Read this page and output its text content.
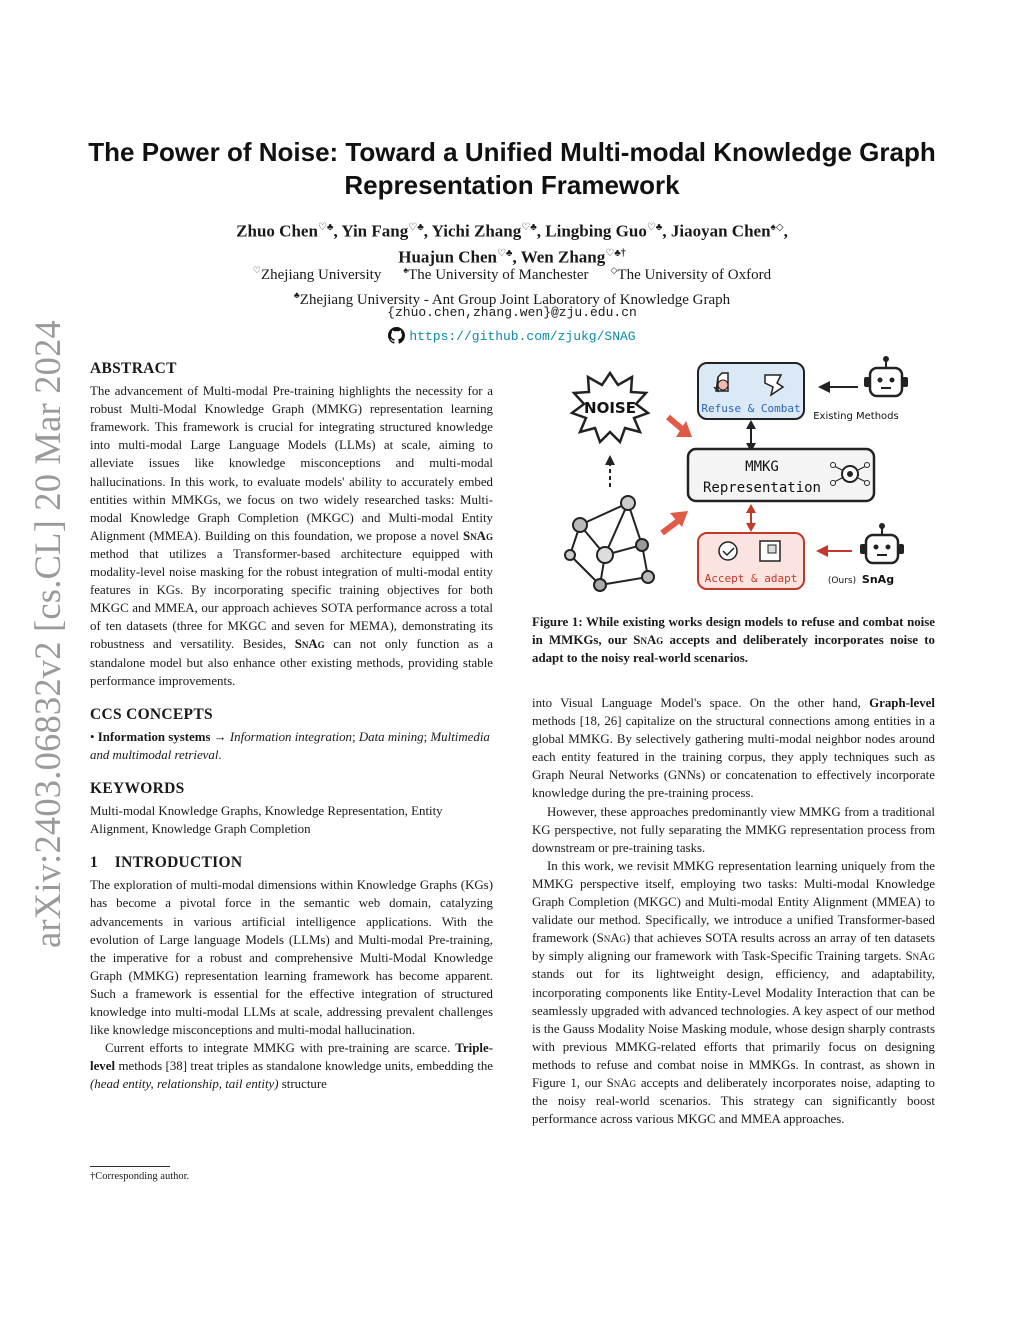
arXiv:2403.06832v2 [cs.CL] 20 Mar 2024
The Power of Noise: Toward a Unified Multi-modal Knowledge Graph Representation Framework
Zhuo Chen♡♣, Yin Fang♡♣, Yichi Zhang♡♣, Lingbing Guo♡♣, Jiaoyan Chen♠◇,
Huajun Chen♡♣, Wen Zhang♡♣†
♡Zhejiang University ♠The University of Manchester ◇The University of Oxford
♣Zhejiang University - Ant Group Joint Laboratory of Knowledge Graph
{zhuo.chen,zhang.wen}@zju.edu.cn
https://github.com/zjukg/SNAG
ABSTRACT

The advancement of Multi-modal Pre-training highlights the necessity for a robust Multi-Modal Knowledge Graph (MMKG) representation learning framework. This framework is crucial for integrating structured knowledge into multi-modal Large Language Models (LLMs) at scale, aiming to alleviate issues like knowledge misconceptions and multi-modal hallucinations. In this work, to evaluate models' ability to accurately embed entities within MMKGs, we focus on two widely researched tasks: Multi-modal Knowledge Graph Completion (MKGC) and Multi-modal Entity Alignment (MMEA). Building on this foundation, we propose a novel SnAg method that utilizes a Transformer-based architecture equipped with modality-level noise masking for the robust integration of multi-modal entity features in KGs. By incorporating specific training objectives for both MKGC and MMEA, our approach achieves SOTA performance across a total of ten datasets (three for MKGC and seven for MEMA), demonstrating its robustness and versatility. Besides, SnAg can not only function as a standalone model but also enhance other existing methods, providing stable performance improvements.

CCS CONCEPTS

• Information systems → Information integration; Data mining; Multimedia and multimodal retrieval.

KEYWORDS

Multi-modal Knowledge Graphs, Knowledge Representation, Entity Alignment, Knowledge Graph Completion

1    INTRODUCTION

The exploration of multi-modal dimensions within Knowledge Graphs (KGs) has become a pivotal force in the semantic web domain, catalyzing advancements in various artificial intelligence applications. With the evolution of Large language Models (LLMs) and Multi-modal Pre-training, the imperative for a robust and comprehensive Multi-Modal Knowledge Graph (MMKG) representation learning framework has become apparent. Such a framework is essential for the effective integration of structured knowledge into multi-modal LLMs at scale, addressing prevalent challenges like knowledge misconceptions and multi-modal hallucination.

Current efforts to integrate MMKG with pre-training are scarce. Triple-level methods [38] treat triples as standalone knowledge units, embedding the (head entity, relationship, tail entity) structure

†Corresponding author.
NOISE	Refuse & Combat
Existing Methods
MMKG
Representation
Accept & adapt	(Ours) SnAg
Figure 1: While existing works design models to refuse and combat noise in MMKGs, our SnAg accepts and deliberately incorporates noise to adapt to the noisy real-world scenarios.

into Visual Language Model's space. On the other hand, Graph-level methods [18, 26] capitalize on the structural connections among entities in a global MMKG. By selectively gathering multi-modal neighbor nodes around each entity featured in the training corpus, they apply techniques such as Graph Neural Networks (GNNs) or concatenation to effectively incorporate knowledge during the pre-training process.

However, these approaches predominantly view MMKG from a traditional KG perspective, not fully separating the MMKG representation process from downstream or pre-training tasks.

In this work, we revisit MMKG representation learning uniquely from the MMKG perspective itself, employing two tasks: Multi-modal Knowledge Graph Completion (MKGC) and Multi-modal Entity Alignment (MMEA) to validate our method. Specifically, we introduce a unified Transformer-based framework (SnAg) that achieves SOTA results across an array of ten datasets by simply aligning our framework with Task-Specific Training targets. SnAg stands out for its lightweight design, efficiency, and adaptability, incorporating components like Entity-Level Modality Interaction that can be seamlessly upgraded with advanced technologies. A key aspect of our method is the Gauss Modality Noise Masking module, whose design sharply contrasts with previous MMKG-related efforts that primarily focus on designing methods to refuse and combat noise in MMKGs. In contrast, as shown in Figure 1, our SnAg accepts and deliberately incorporates noise, adapting to the noisy real-world scenarios. This strategy can significantly boost performance across various MKGC and MMEA approaches.
